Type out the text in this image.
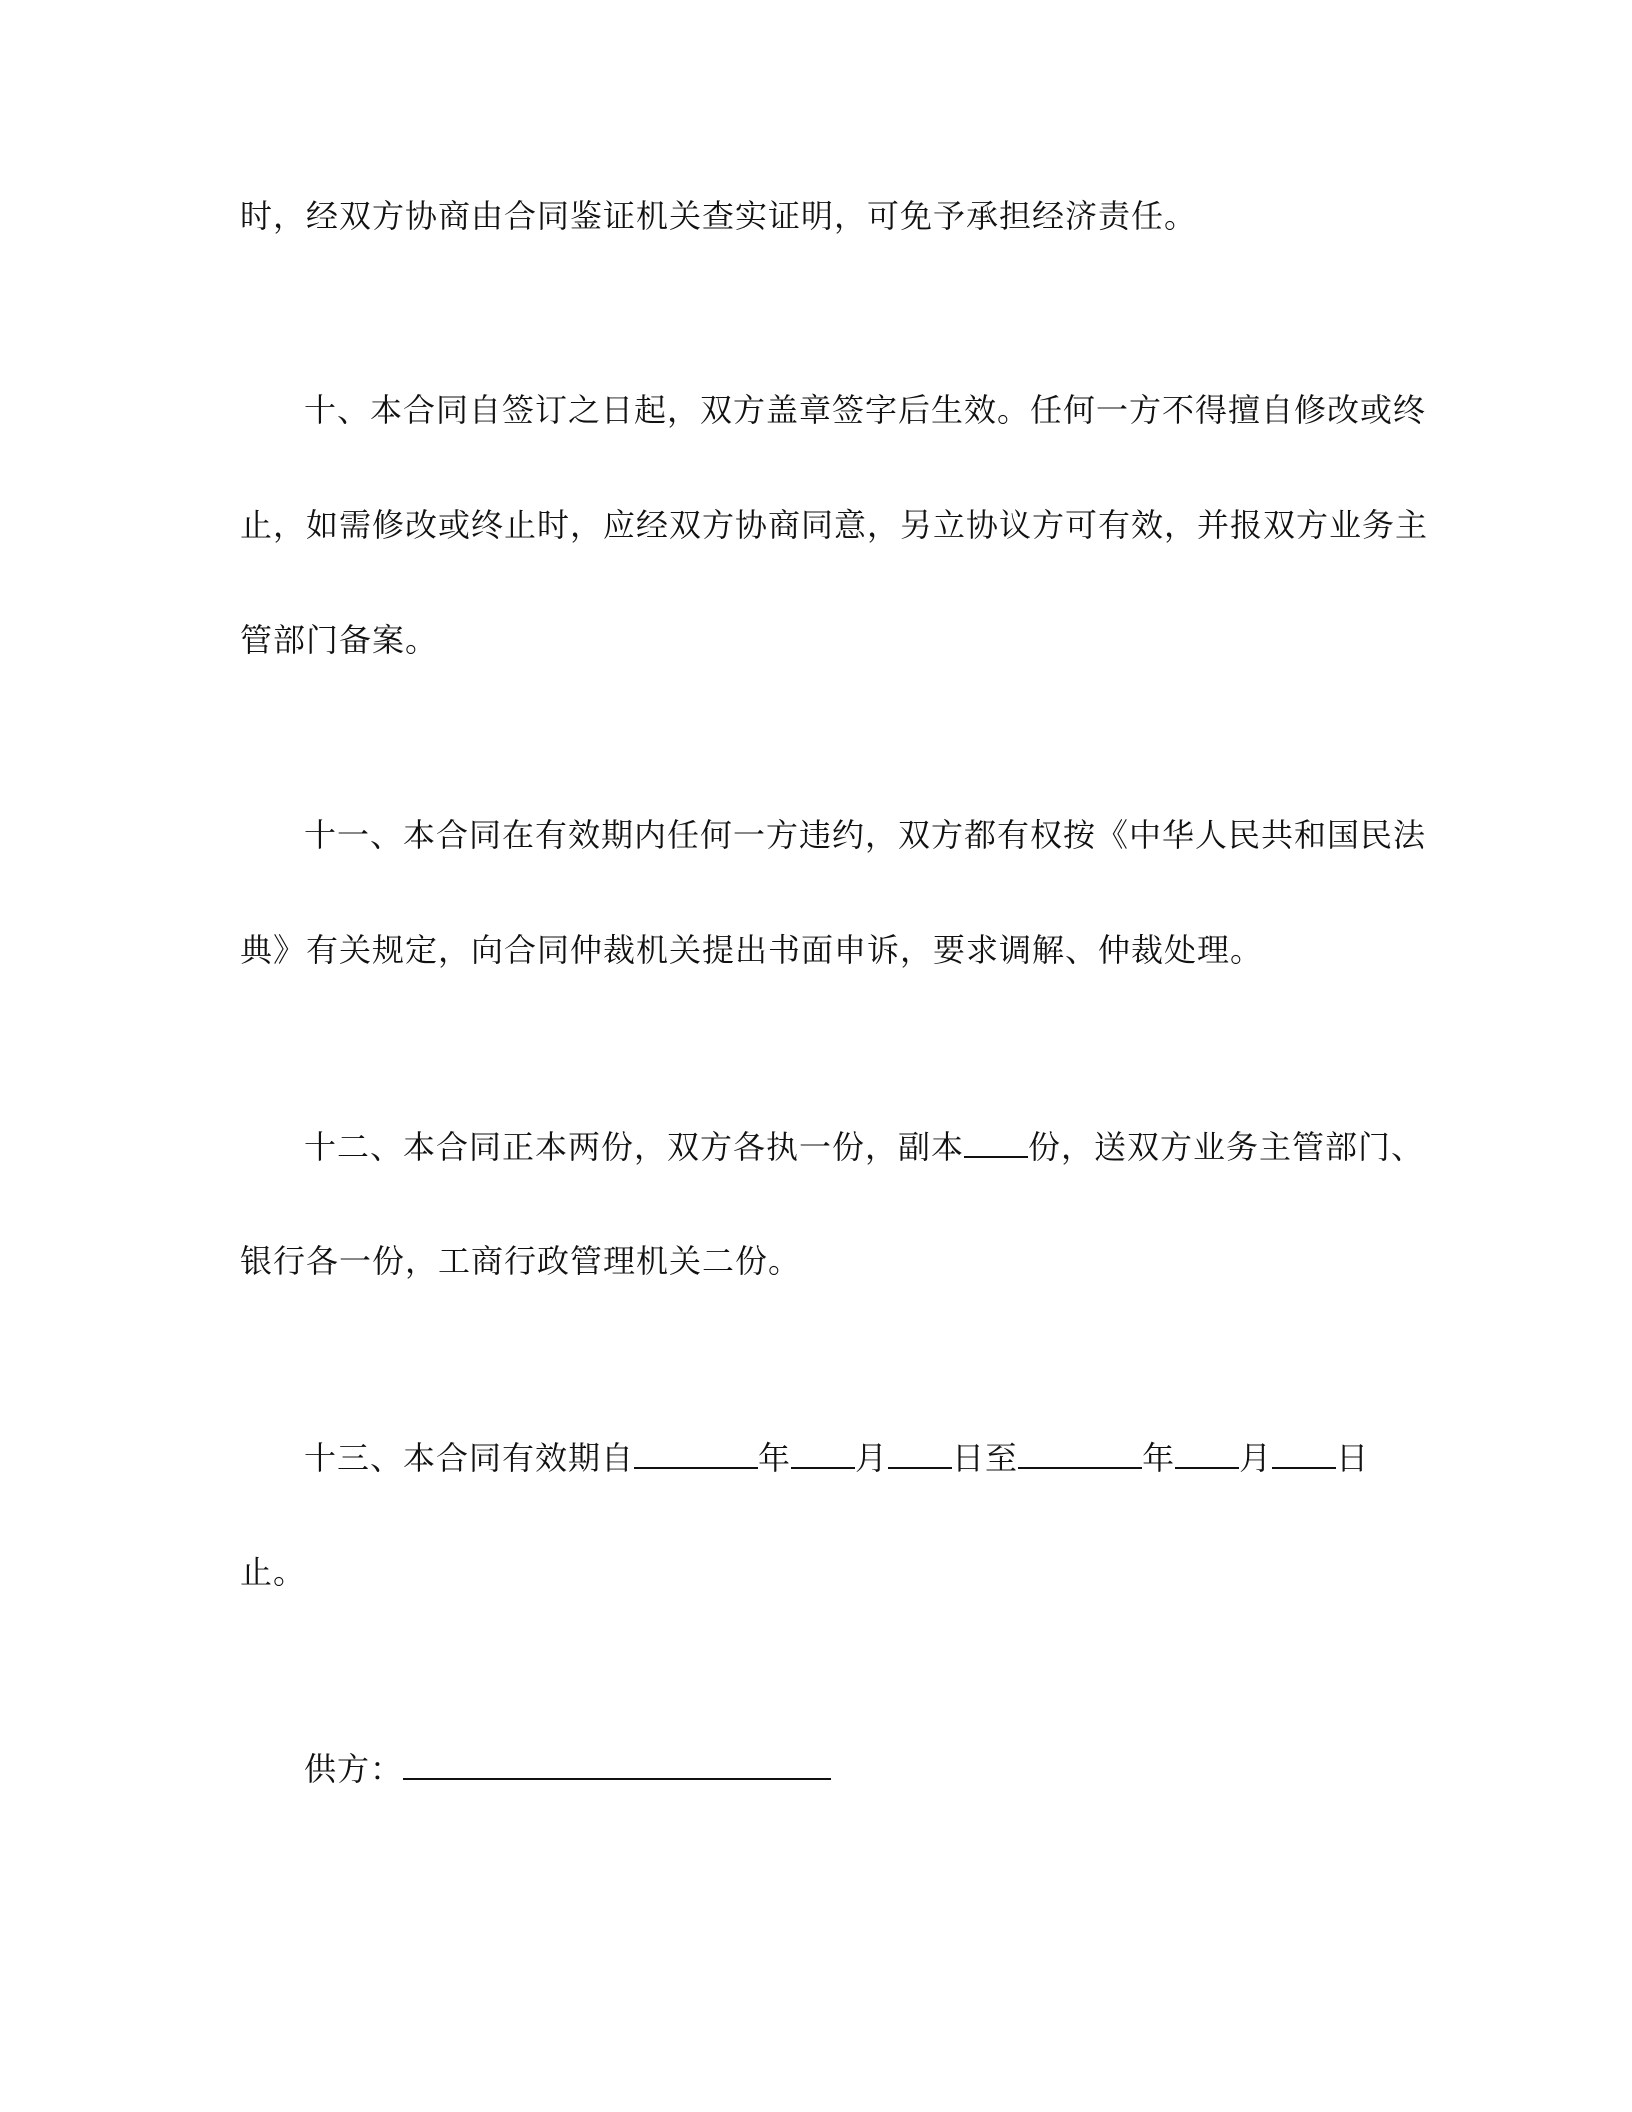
时，经双方协商由合同鉴证机关查实证明，可免予承担经济责任。
十、本合同自签订之日起，双方盖章签字后生效。任何一方不得擅自修改或终
止，如需修改或终止时，应经双方协商同意，另立协议方可有效，并报双方业务主
管部门备案。
十一、本合同在有效期内任何一方违约，双方都有权按《中华人民共和国民法
典》有关规定，向合同仲裁机关提出书面申诉，要求调解、仲裁处理。
十二、本合同正本两份，双方各执一份，副本 份，送双方业务主管部门、
银行各一份，工商行政管理机关二份。
十三、本合同有效期自	年 月 日至	年 月 日
止。
供方：
